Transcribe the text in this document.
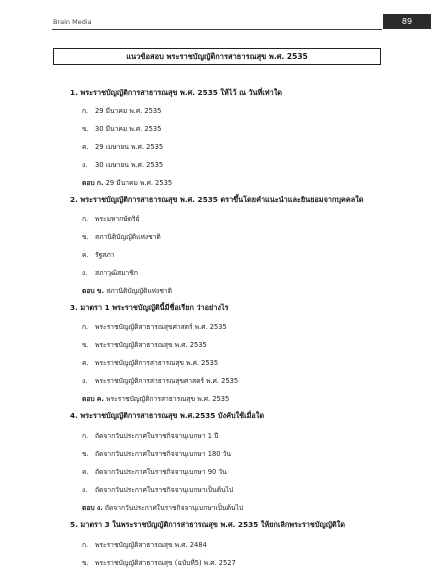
Brain Media	89
แนวข้อสอบ พระราชบัญญัติการสาธารณสุข พ.ศ. 2535
1. พระราชบัญญัติการสาธารณสุข พ.ศ. 2535 ให้ไว้ ณ วันที่เท่าใด
ก. 29 มีนาคม พ.ศ. 2535
ข. 30 มีนาคม พ.ศ. 2535
ค. 29 เมษายน พ.ศ. 2535
ง. 30 เมษายน พ.ศ. 2535
ตอบ ก. 29 มีนาคม พ.ศ. 2535
2. พระราชบัญญัติการสาธารณสุข พ.ศ. 2535 ตราขึ้นโดยคำแนะนำและยินยอมจากบุคคลใด
ก. พระมหากษัตริย์
ข. สภานิติบัญญัติแห่งชาติ
ค. รัฐสภา
ง. สภาวุฒิสมาชิก
ตอบ ข. สภานิติบัญญัติแห่งชาติ
3. มาตรา 1 พระราชบัญญัตินี้มีชื่อเรียก ว่าอย่างไร
ก. พระราชบัญญัติสาธารณสุขศาสตร์ พ.ศ. 2535
ข. พระราชบัญญัติสาธารณสุข พ.ศ. 2535
ค. พระราชบัญญัติการสาธารณสุข พ.ศ. 2535
ง. พระราชบัญญัติการสาธารณสุขศาสตร์ พ.ศ. 2535
ตอบ ค. พระราชบัญญัติการสาธารณสุข พ.ศ. 2535
4. พระราชบัญญัติการสาธารณสุข พ.ศ.2535 บังคับใช้เมื่อใด
ก. ถัดจากวันประกาศในราชกิจจานุเบกษา 1 ปี
ข. ถัดจากวันประกาศในราชกิจจานุเบกษา 180 วัน
ค. ถัดจากวันประกาศในราชกิจจานุเบกษา 90 วัน
ง. ถัดจากวันประกาศในราชกิจจานุเบกษาเป็นต้นไป
ตอบ ง. ถัดจากวันประกาศในราชกิจจานุเบกษาเป็นต้นไป
5. มาตรา 3 ในพระราชบัญญัติการสาธารณสุข พ.ศ. 2535 ให้ยกเลิกพระราชบัญญัติใด
ก. พระราชบัญญัติสาธารณสุข พ.ศ. 2484
ข. พระราชบัญญัติสาธารณสุข (ฉบับที่5) พ.ศ. 2527
